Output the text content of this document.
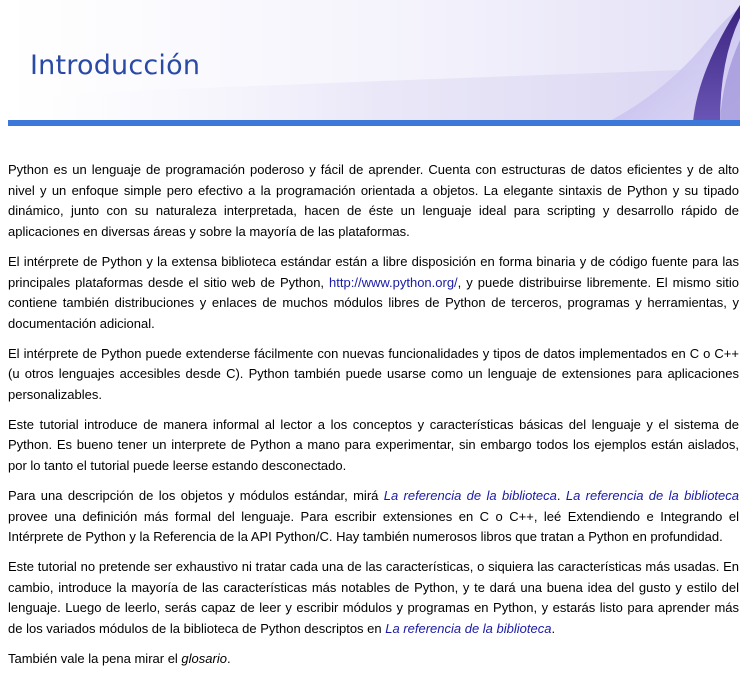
Introducción

Python es un lenguaje de programación poderoso y fácil de aprender. Cuenta con estructuras de datos eficientes y de alto nivel y un enfoque simple pero efectivo a la programación orientada a objetos. La elegante sintaxis de Python y su tipado dinámico, junto con su naturaleza interpretada, hacen de éste un lenguaje ideal para scripting y desarrollo rápido de aplicaciones en diversas áreas y sobre la mayoría de las plataformas.

El intérprete de Python y la extensa biblioteca estándar están a libre disposición en forma binaria y de código fuente para las principales plataformas desde el sitio web de Python, http://www.python.org/, y puede distribuirse libremente. El mismo sitio contiene también distribuciones y enlaces de muchos módulos libres de Python de terceros, programas y herramientas, y documentación adicional.

El intérprete de Python puede extenderse fácilmente con nuevas funcionalidades y tipos de datos implementados en C o C++ (u otros lenguajes accesibles desde C). Python también puede usarse como un lenguaje de extensiones para aplicaciones personalizables.

Este tutorial introduce de manera informal al lector a los conceptos y características básicas del lenguaje y el sistema de Python. Es bueno tener un interprete de Python a mano para experimentar, sin embargo todos los ejemplos están aislados, por lo tanto el tutorial puede leerse estando desconectado.

Para una descripción de los objetos y módulos estándar, mirá La referencia de la biblioteca. La referencia de la biblioteca provee una definición más formal del lenguaje. Para escribir extensiones en C o C++, leé Extendiendo e Integrando el Intérprete de Python y la Referencia de la API Python/C. Hay también numerosos libros que tratan a Python en profundidad.

Este tutorial no pretende ser exhaustivo ni tratar cada una de las características, o siquiera las características más usadas. En cambio, introduce la mayoría de las características más notables de Python, y te dará una buena idea del gusto y estilo del lenguaje. Luego de leerlo, serás capaz de leer y escribir módulos y programas en Python, y estarás listo para aprender más de los variados módulos de la biblioteca de Python descriptos en La referencia de la biblioteca.

También vale la pena mirar el glosario.
